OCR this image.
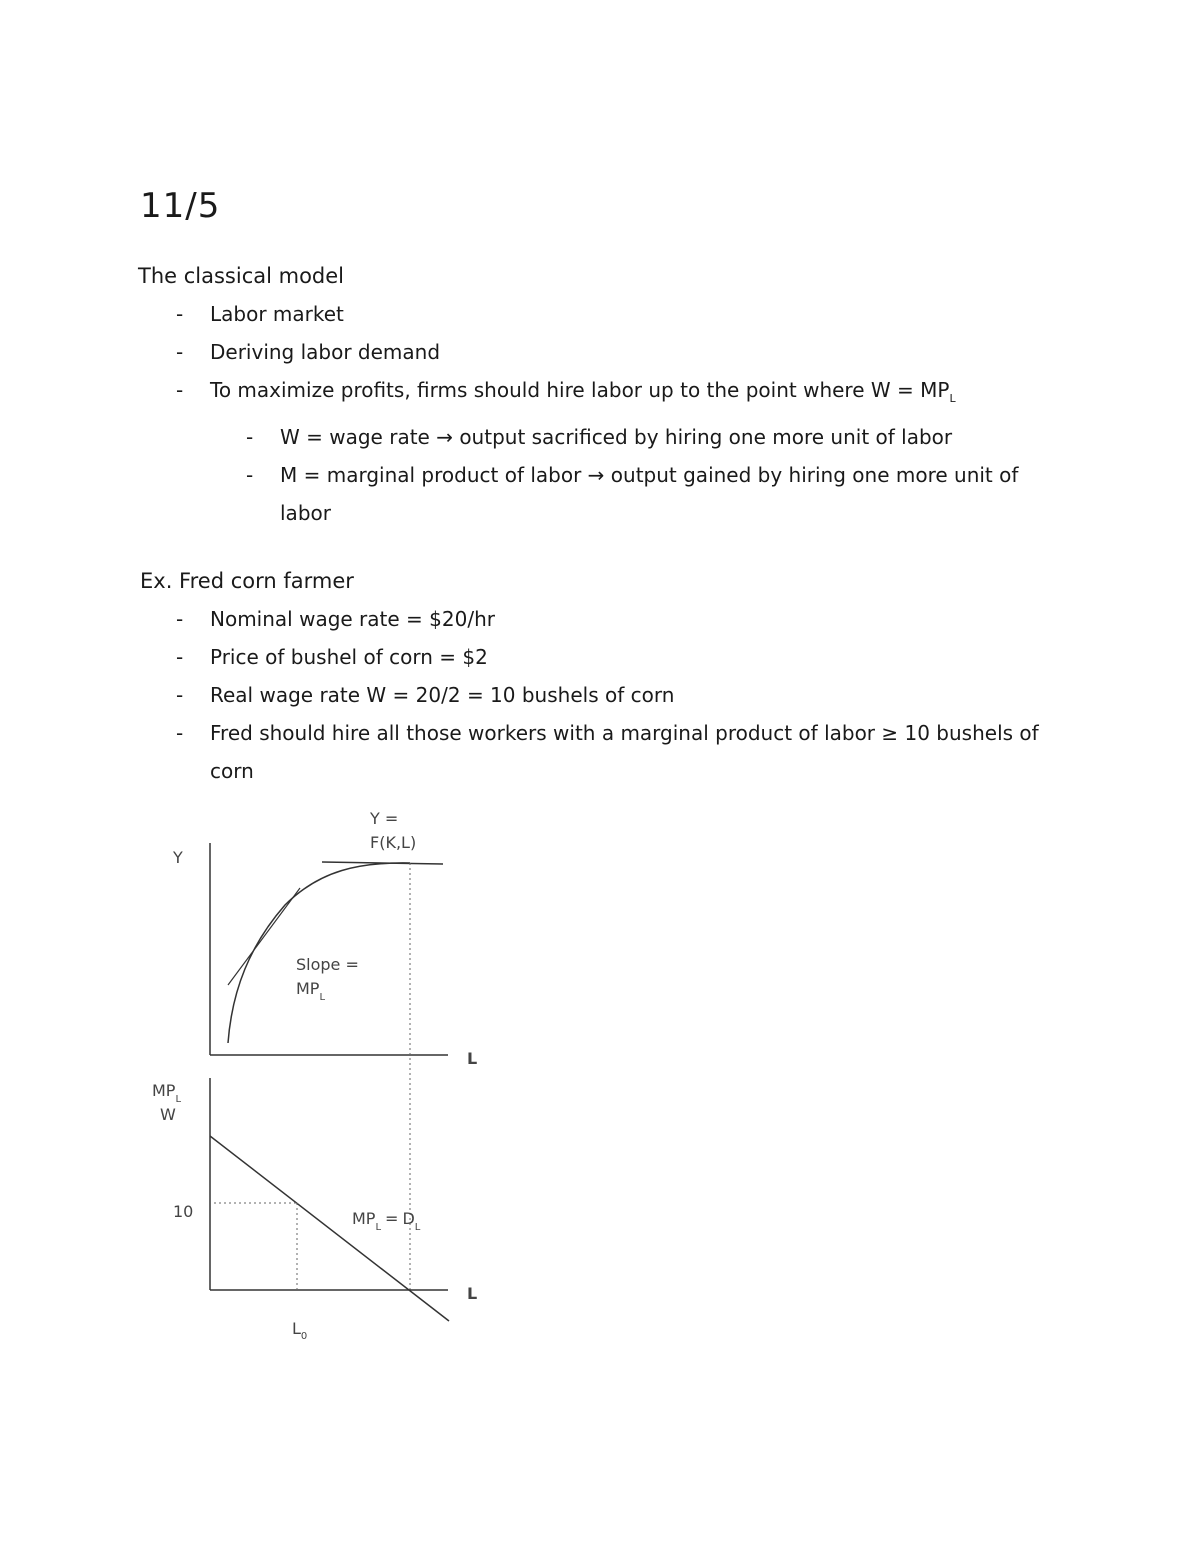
11/5
The classical model
- Labor market
- Deriving labor demand
- To maximize profits, firms should hire labor up to the point where $W = MP_L$
- W = wage rate → output sacrificed by hiring one more unit of labor
- M = marginal product of labor → output gained by hiring one more unit of
labor
Ex. Fred corn farmer
- Nominal wage rate = $20/hr
- Price of bushel of corn = $2
- Real wage rate W = 20/2 = 10 bushels of corn
- Fred should hire all those workers with a marginal product of labor ≥ 10 bushels of
corn
Y
L
Y =
F(K,L)
Slope =
$MP_L$
$MP_L$
W
10
L
$L_0$
$MP_L = D_L$
